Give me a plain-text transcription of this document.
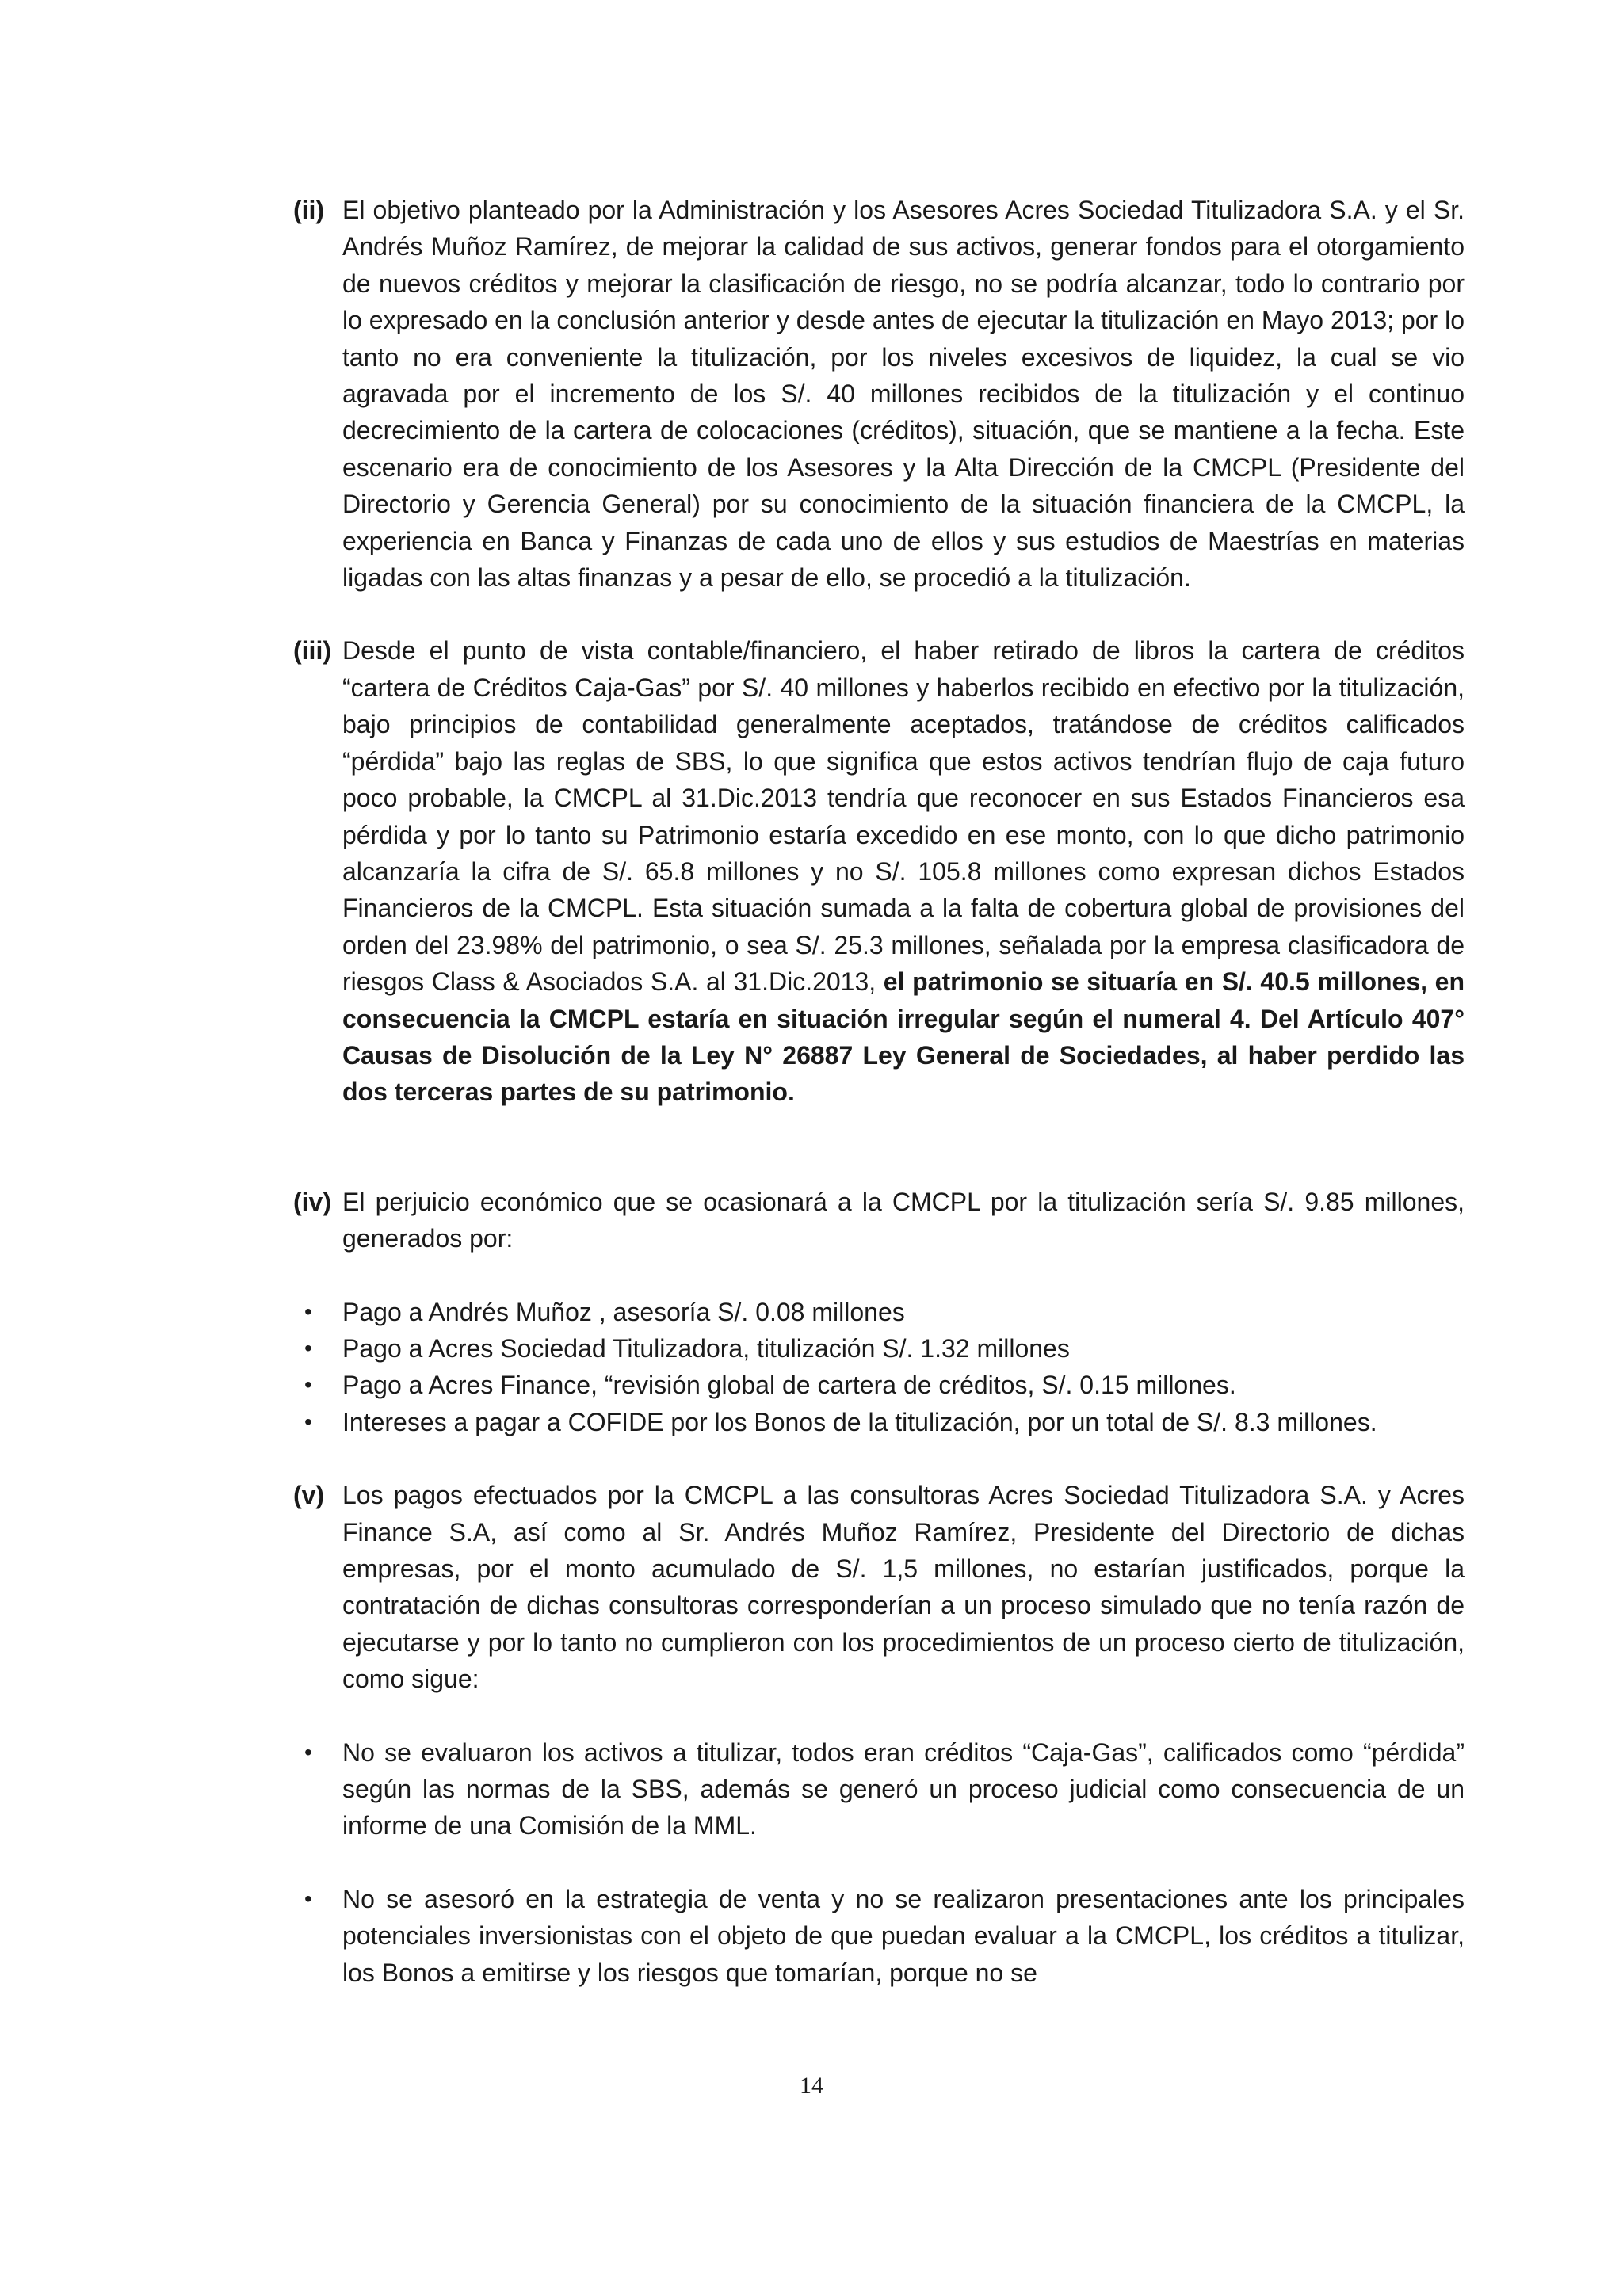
(ii) El objetivo planteado por la Administración y los Asesores Acres Sociedad Titulizadora S.A. y el Sr. Andrés Muñoz Ramírez, de mejorar la calidad de sus activos, generar fondos para el otorgamiento de nuevos créditos y mejorar la clasificación de riesgo, no se podría alcanzar, todo lo contrario por lo expresado en la conclusión anterior y desde antes de ejecutar la titulización en Mayo 2013; por lo tanto no era conveniente la titulización, por los niveles excesivos de liquidez, la cual se vio agravada por el incremento de los S/. 40 millones recibidos de la titulización y el continuo decrecimiento de la cartera de colocaciones (créditos), situación, que se mantiene a la fecha. Este escenario era de conocimiento de los Asesores y la Alta Dirección de la CMCPL (Presidente del Directorio y Gerencia General) por su conocimiento de la situación financiera de la CMCPL, la experiencia en Banca y Finanzas de cada uno de ellos y sus estudios de Maestrías en materias ligadas con las altas finanzas y a pesar de ello, se procedió a la titulización.
(iii) Desde el punto de vista contable/financiero, el haber retirado de libros la cartera de créditos “cartera de Créditos Caja-Gas” por S/. 40 millones y haberlos recibido en efectivo por la titulización, bajo principios de contabilidad generalmente aceptados, tratándose de créditos calificados “pérdida” bajo las reglas de SBS, lo que significa que estos activos tendrían flujo de caja futuro poco probable, la CMCPL al 31.Dic.2013 tendría que reconocer en sus Estados Financieros esa pérdida y por lo tanto su Patrimonio estaría excedido en ese monto, con lo que dicho patrimonio alcanzaría la cifra de S/. 65.8 millones y no S/. 105.8 millones como expresan dichos Estados Financieros de la CMCPL. Esta situación sumada a la falta de cobertura global de provisiones del orden del 23.98% del patrimonio, o sea S/. 25.3 millones, señalada por la empresa clasificadora de riesgos Class & Asociados S.A. al 31.Dic.2013, el patrimonio se situaría en S/. 40.5 millones, en consecuencia la CMCPL estaría en situación irregular según el numeral 4. Del Artículo 407° Causas de Disolución de la Ley N° 26887 Ley General de Sociedades, al haber perdido las dos terceras partes de su patrimonio.
(iv) El perjuicio económico que se ocasionará a la CMCPL por la titulización sería S/. 9.85 millones, generados por:
• Pago a Andrés Muñoz , asesoría S/. 0.08 millones
• Pago a Acres Sociedad Titulizadora, titulización S/. 1.32 millones
• Pago a Acres Finance, “revisión global de cartera de créditos, S/. 0.15 millones.
• Intereses a pagar a COFIDE por los Bonos de la titulización, por un total de S/. 8.3 millones.
(v) Los pagos efectuados por la CMCPL a las consultoras Acres Sociedad Titulizadora S.A. y Acres Finance S.A, así como al Sr. Andrés Muñoz Ramírez, Presidente del Directorio de dichas empresas, por el monto acumulado de S/. 1,5 millones, no estarían justificados, porque la contratación de dichas consultoras corresponderían a un proceso simulado que no tenía razón de ejecutarse y por lo tanto no cumplieron con los procedimientos de un proceso cierto de titulización, como sigue:
• No se evaluaron los activos a titulizar, todos eran créditos “Caja-Gas”, calificados como “pérdida” según las normas de la SBS, además se generó un proceso judicial como consecuencia de un informe de una Comisión de la MML.
• No se asesoró en la estrategia de venta y no se realizaron presentaciones ante los principales potenciales inversionistas con el objeto de que puedan evaluar a la CMCPL, los créditos a titulizar, los Bonos a emitirse y los riesgos que tomarían, porque no se
14
